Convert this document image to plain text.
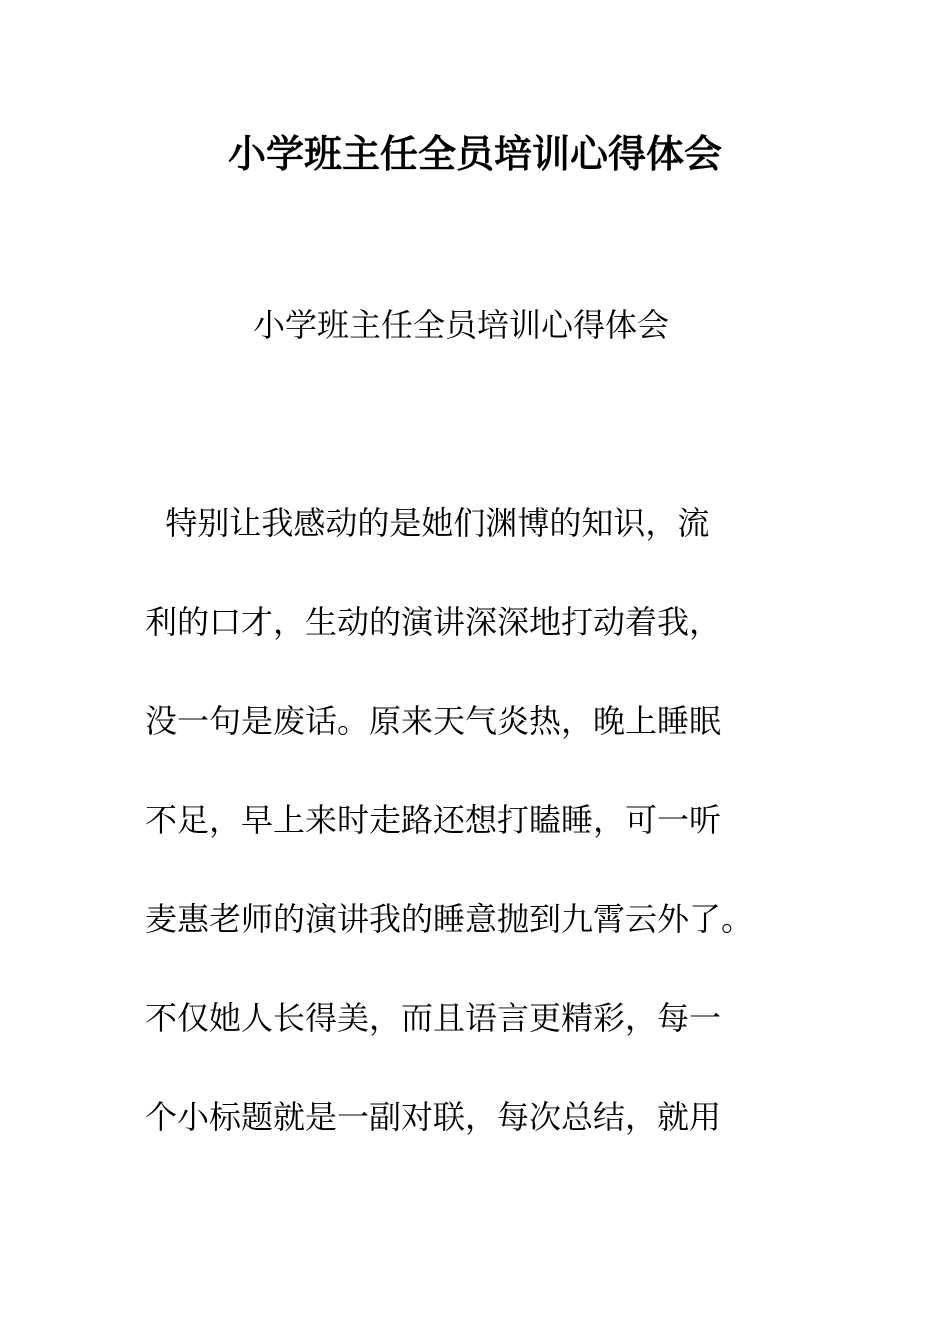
小学班主任全员培训心得体会
小学班主任全员培训心得体会
特别让我感动的是她们渊博的知识，流
利的口才，生动的演讲深深地打动着我，
没一句是废话。原来天气炎热，晚上睡眠
不足，早上来时走路还想打瞌睡，可一听
麦惠老师的演讲我的睡意抛到九霄云外了。
不仅她人长得美，而且语言更精彩，每一
个小标题就是一副对联，每次总结，就用
